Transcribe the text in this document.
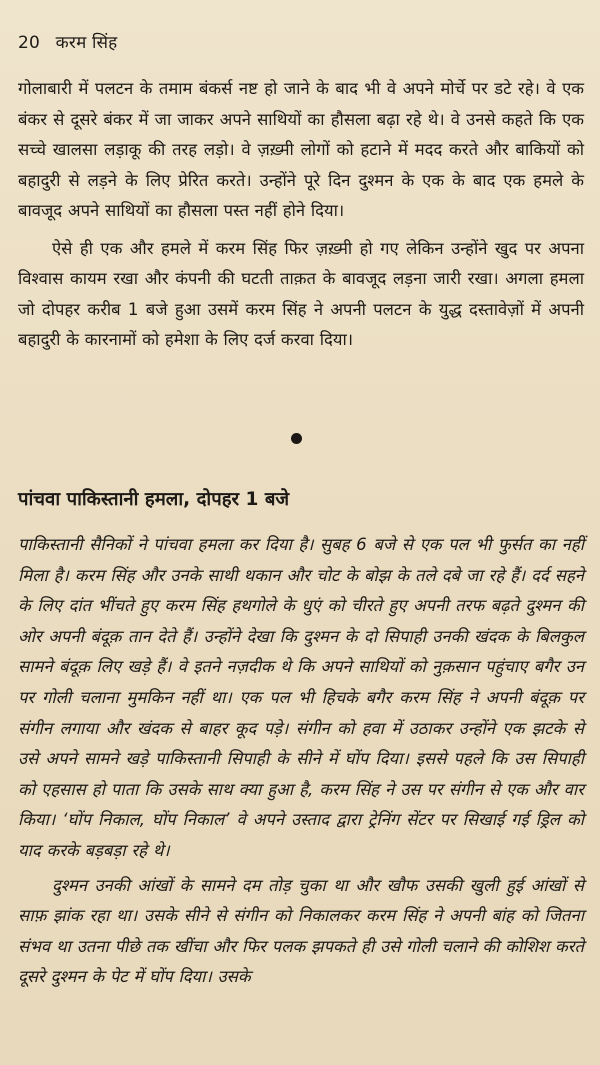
20 करम सिंह

गोलाबारी में पलटन के तमाम बंकर्स नष्ट हो जाने के बाद भी वे अपने मोर्चे पर डटे रहे। वे एक बंकर से दूसरे बंकर में जा जाकर अपने साथियों का हौसला बढ़ा रहे थे। वे उनसे कहते कि एक सच्चे खालसा लड़ाकू की तरह लड़ो। वे ज़ख़्मी लोगों को हटाने में मदद करते और बाकियों को बहादुरी से लड़ने के लिए प्रेरित करते। उन्होंने पूरे दिन दुश्मन के एक के बाद एक हमले के बावजूद अपने साथियों का हौसला पस्त नहीं होने दिया।

ऐसे ही एक और हमले में करम सिंह फिर ज़ख़्मी हो गए लेकिन उन्होंने खुद पर अपना विश्वास कायम रखा और कंपनी की घटती ताक़त के बावजूद लड़ना जारी रखा। अगला हमला जो दोपहर करीब 1 बजे हुआ उसमें करम सिंह ने अपनी पलटन के युद्ध दस्तावेज़ों में अपनी बहादुरी के कारनामों को हमेशा के लिए दर्ज करवा दिया।

पांचवा पाकिस्तानी हमला, दोपहर 1 बजे

पाकिस्तानी सैनिकों ने पांचवा हमला कर दिया है। सुबह 6 बजे से एक पल भी फुर्सत का नहीं मिला है। करम सिंह और उनके साथी थकान और चोट के बोझ के तले दबे जा रहे हैं। दर्द सहने के लिए दांत भींचते हुए करम सिंह हथगोले के धुएं को चीरते हुए अपनी तरफ बढ़ते दुश्मन की ओर अपनी बंदूक़ तान देते हैं। उन्होंने देखा कि दुश्मन के दो सिपाही उनकी खंदक के बिलकुल सामने बंदूक़ लिए खड़े हैं। वे इतने नज़दीक थे कि अपने साथियों को नुक़सान पहुंचाए बगैर उन पर गोली चलाना मुमकिन नहीं था। एक पल भी हिचके बगैर करम सिंह ने अपनी बंदूक़ पर संगीन लगाया और खंदक से बाहर कूद पड़े। संगीन को हवा में उठाकर उन्होंने एक झटके से उसे अपने सामने खड़े पाकिस्तानी सिपाही के सीने में घोंप दिया। इससे पहले कि उस सिपाही को एहसास हो पाता कि उसके साथ क्या हुआ है, करम सिंह ने उस पर संगीन से एक और वार किया। ‘घोंप निकाल, घोंप निकाल’ वे अपने उस्ताद द्वारा ट्रेनिंग सेंटर पर सिखाई गई ड्रिल को याद करके बड़बड़ा रहे थे।

दुश्मन उनकी आंखों के सामने दम तोड़ चुका था और खौफ उसकी खुली हुई आंखों से साफ़ झांक रहा था। उसके सीने से संगीन को निकालकर करम सिंह ने अपनी बांह को जितना संभव था उतना पीछे तक खींचा और फिर पलक झपकते ही उसे गोली चलाने की कोशिश करते दूसरे दुश्मन के पेट में घोंप दिया। उसके
